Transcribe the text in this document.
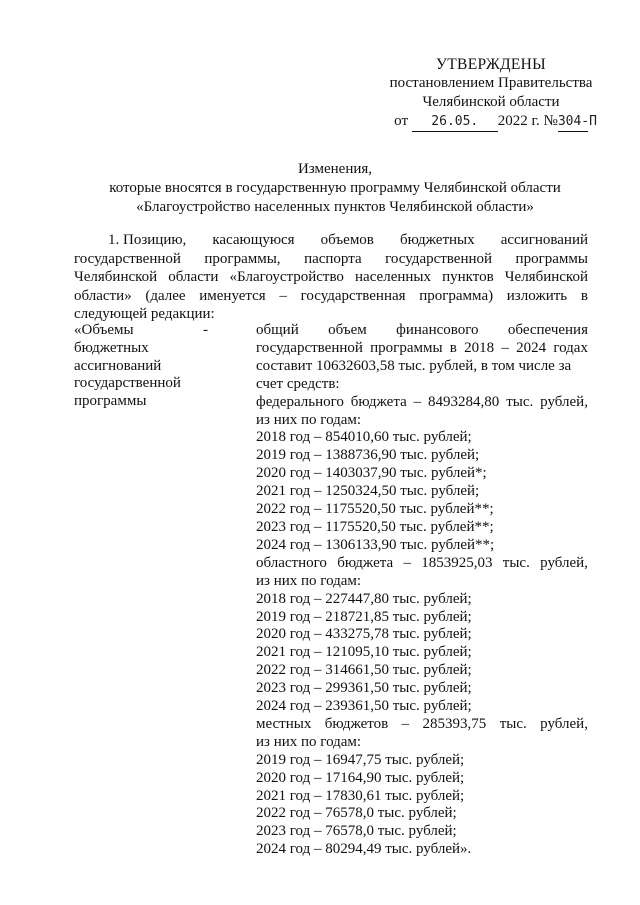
УТВЕРЖДЕНЫ
постановлением Правительства
Челябинской области
от 26.05. 2022 г. №304-П
Изменения,
которые вносятся в государственную программу Челябинской области
«Благоустройство населенных пунктов Челябинской области»
1. Позицию, касающуюся объемов бюджетных ассигнований
государственной программы, паспорта государственной программы
Челябинской области «Благоустройство населенных пунктов Челябинской
области» (далее именуется – государственная программа) изложить в
следующей редакции:
«Объемы
бюджетных
ассигнований
государственной
программы
-	общий объем финансового обеспечения
государственной программы в 2018 – 2024 годах
составит 10632603,58 тыс. рублей, в том числе за
счет средств:
федерального бюджета – 8493284,80 тыс. рублей,
из них по годам:
2018 год – 854010,60 тыс. рублей;
2019 год – 1388736,90 тыс. рублей;
2020 год – 1403037,90 тыс. рублей*;
2021 год – 1250324,50 тыс. рублей;
2022 год – 1175520,50 тыс. рублей**;
2023 год – 1175520,50 тыс. рублей**;
2024 год – 1306133,90 тыс. рублей**;
областного бюджета – 1853925,03 тыс. рублей,
из них по годам:
2018 год – 227447,80 тыс. рублей;
2019 год – 218721,85 тыс. рублей;
2020 год – 433275,78 тыс. рублей;
2021 год – 121095,10 тыс. рублей;
2022 год – 314661,50 тыс. рублей;
2023 год – 299361,50 тыс. рублей;
2024 год – 239361,50 тыс. рублей;
местных бюджетов – 285393,75 тыс. рублей,
из них по годам:
2019 год – 16947,75 тыс. рублей;
2020 год – 17164,90 тыс. рублей;
2021 год – 17830,61 тыс. рублей;
2022 год – 76578,0 тыс. рублей;
2023 год – 76578,0 тыс. рублей;
2024 год – 80294,49 тыс. рублей».
